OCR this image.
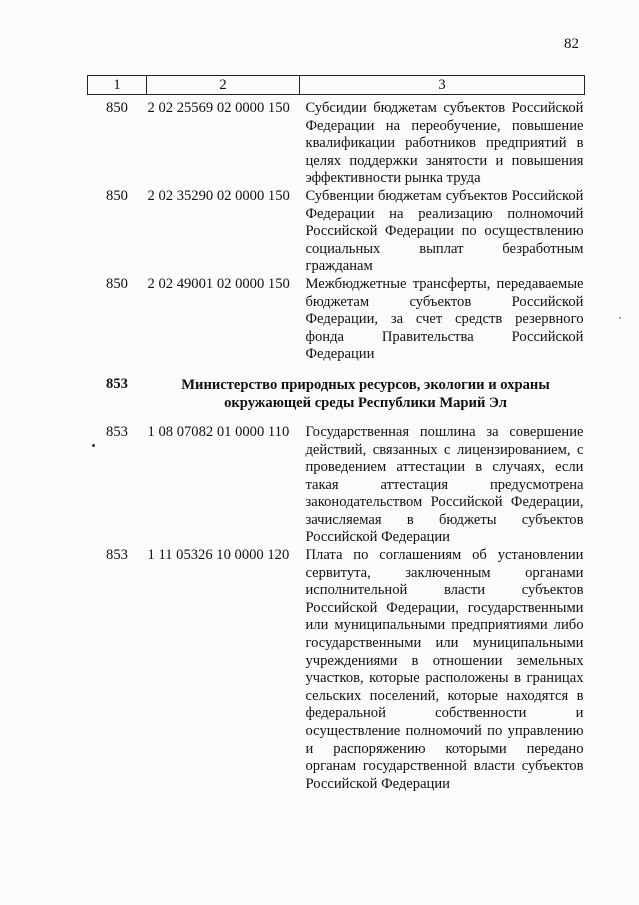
82
1	2	3
850	2 02 25569 02 0000 150	Субсидии бюджетам субъектов Российской Федерации на переобучение, повышение квалификации работников предприятий в целях поддержки занятости и повышения эффективности рынка труда
850	2 02 35290 02 0000 150	Субвенции бюджетам субъектов Российской Федерации на реализацию полномочий Российской Федерации по осуществлению социальных выплат безработным гражданам
850	2 02 49001 02 0000 150	Межбюджетные трансферты, передаваемые бюджетам субъектов Российской Федерации, за счет средств резервного фонда Правительства Российской Федерации
853	Министерство природных ресурсов, экологии и охраны окружающей среды Республики Марий Эл	
853	1 08 07082 01 0000 110	Государственная пошлина за совершение действий, связанных с лицензированием, с проведением аттестации в случаях, если такая аттестация предусмотрена законодательством Российской Федерации, зачисляемая в бюджеты субъектов Российской Федерации
853	1 11 05326 10 0000 120	Плата по соглашениям об установлении сервитута, заключенным органами исполнительной власти субъектов Российской Федерации, государственными или муниципальными предприятиями либо государственными или муниципальными учреждениями в отношении земельных участков, которые расположены в границах сельских поселений, которые находятся в федеральной собственности и осуществление полномочий по управлению и распоряжению которыми передано органам государственной власти субъектов Российской Федерации
